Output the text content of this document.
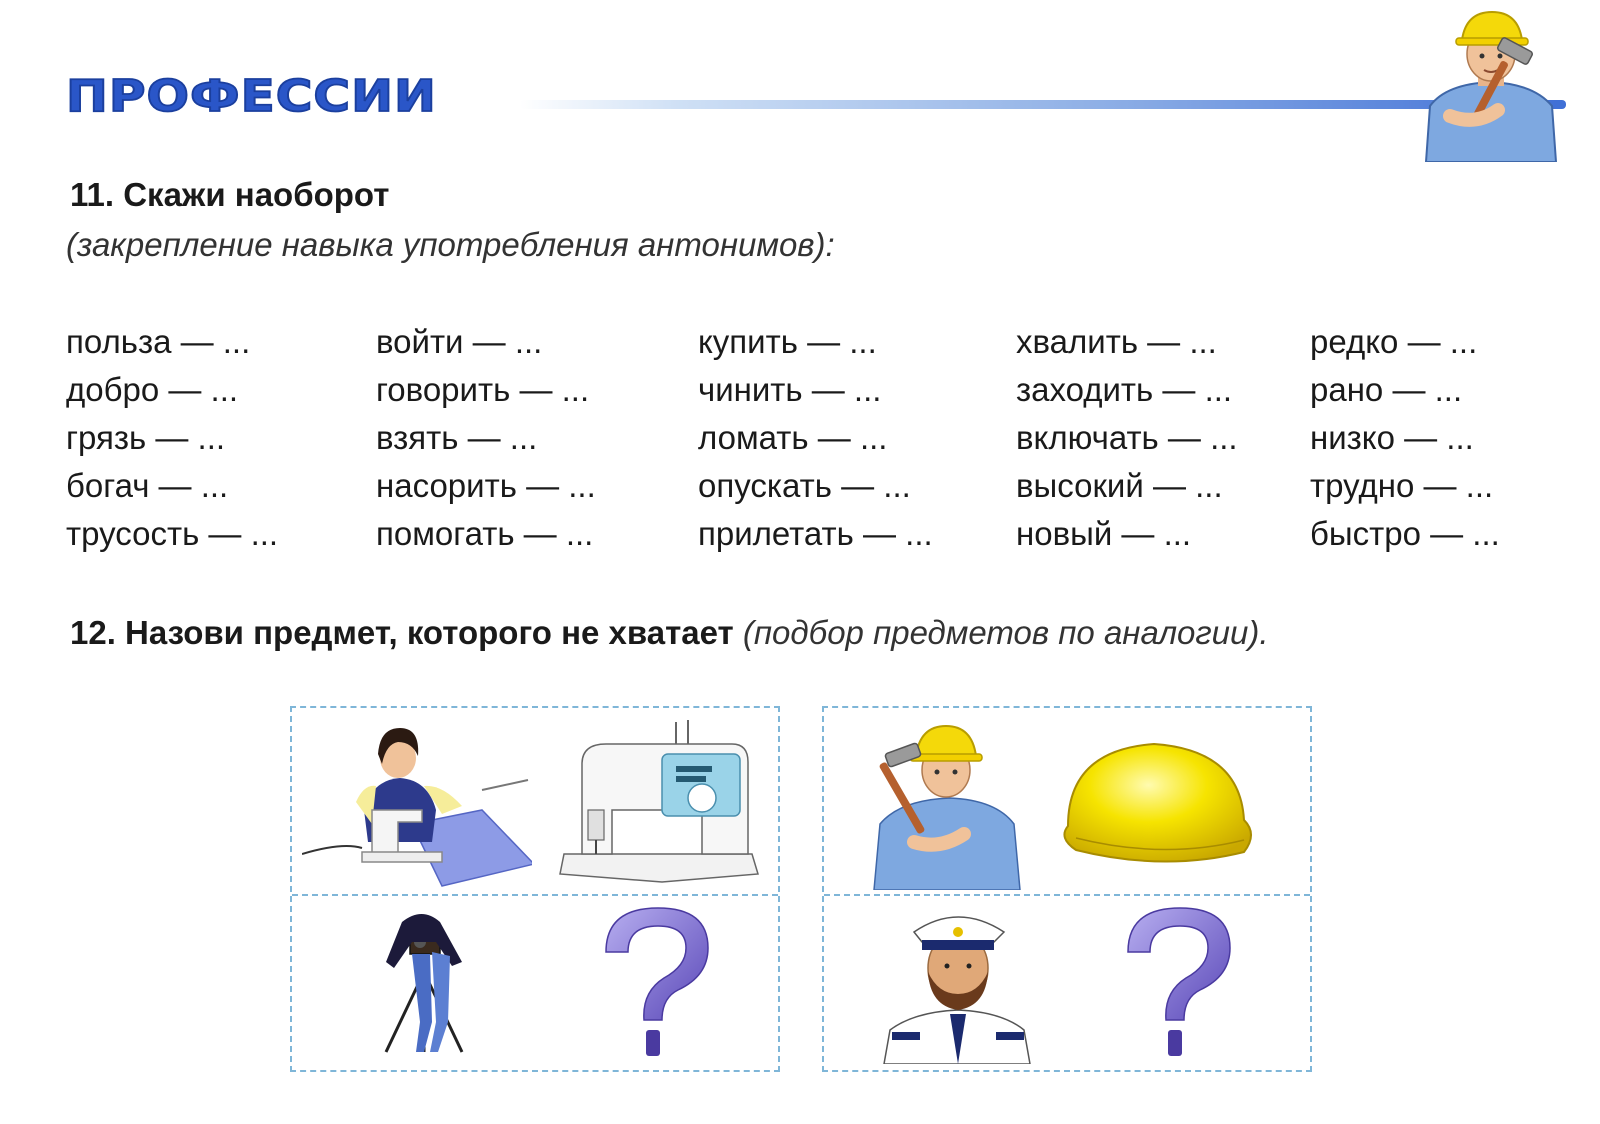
ПРОФЕССИИ
11. Скажи наоборот
(закрепление навыка употребления антонимов):
польза — ...
добро — ...
грязь — ...
богач — ...
трусость — ...
войти — ...
говорить — ...
взять — ...
насорить — ...
помогать — ...
купить — ...
чинить — ...
ломать — ...
опускать — ...
прилетать — ...
хвалить — ...
заходить — ...
включать — ...
высокий — ...
новый — ...
редко — ...
рано — ...
низко — ...
трудно — ...
быстро — ...
12. Назови предмет, которого не хватает (подбор предметов по аналогии).
